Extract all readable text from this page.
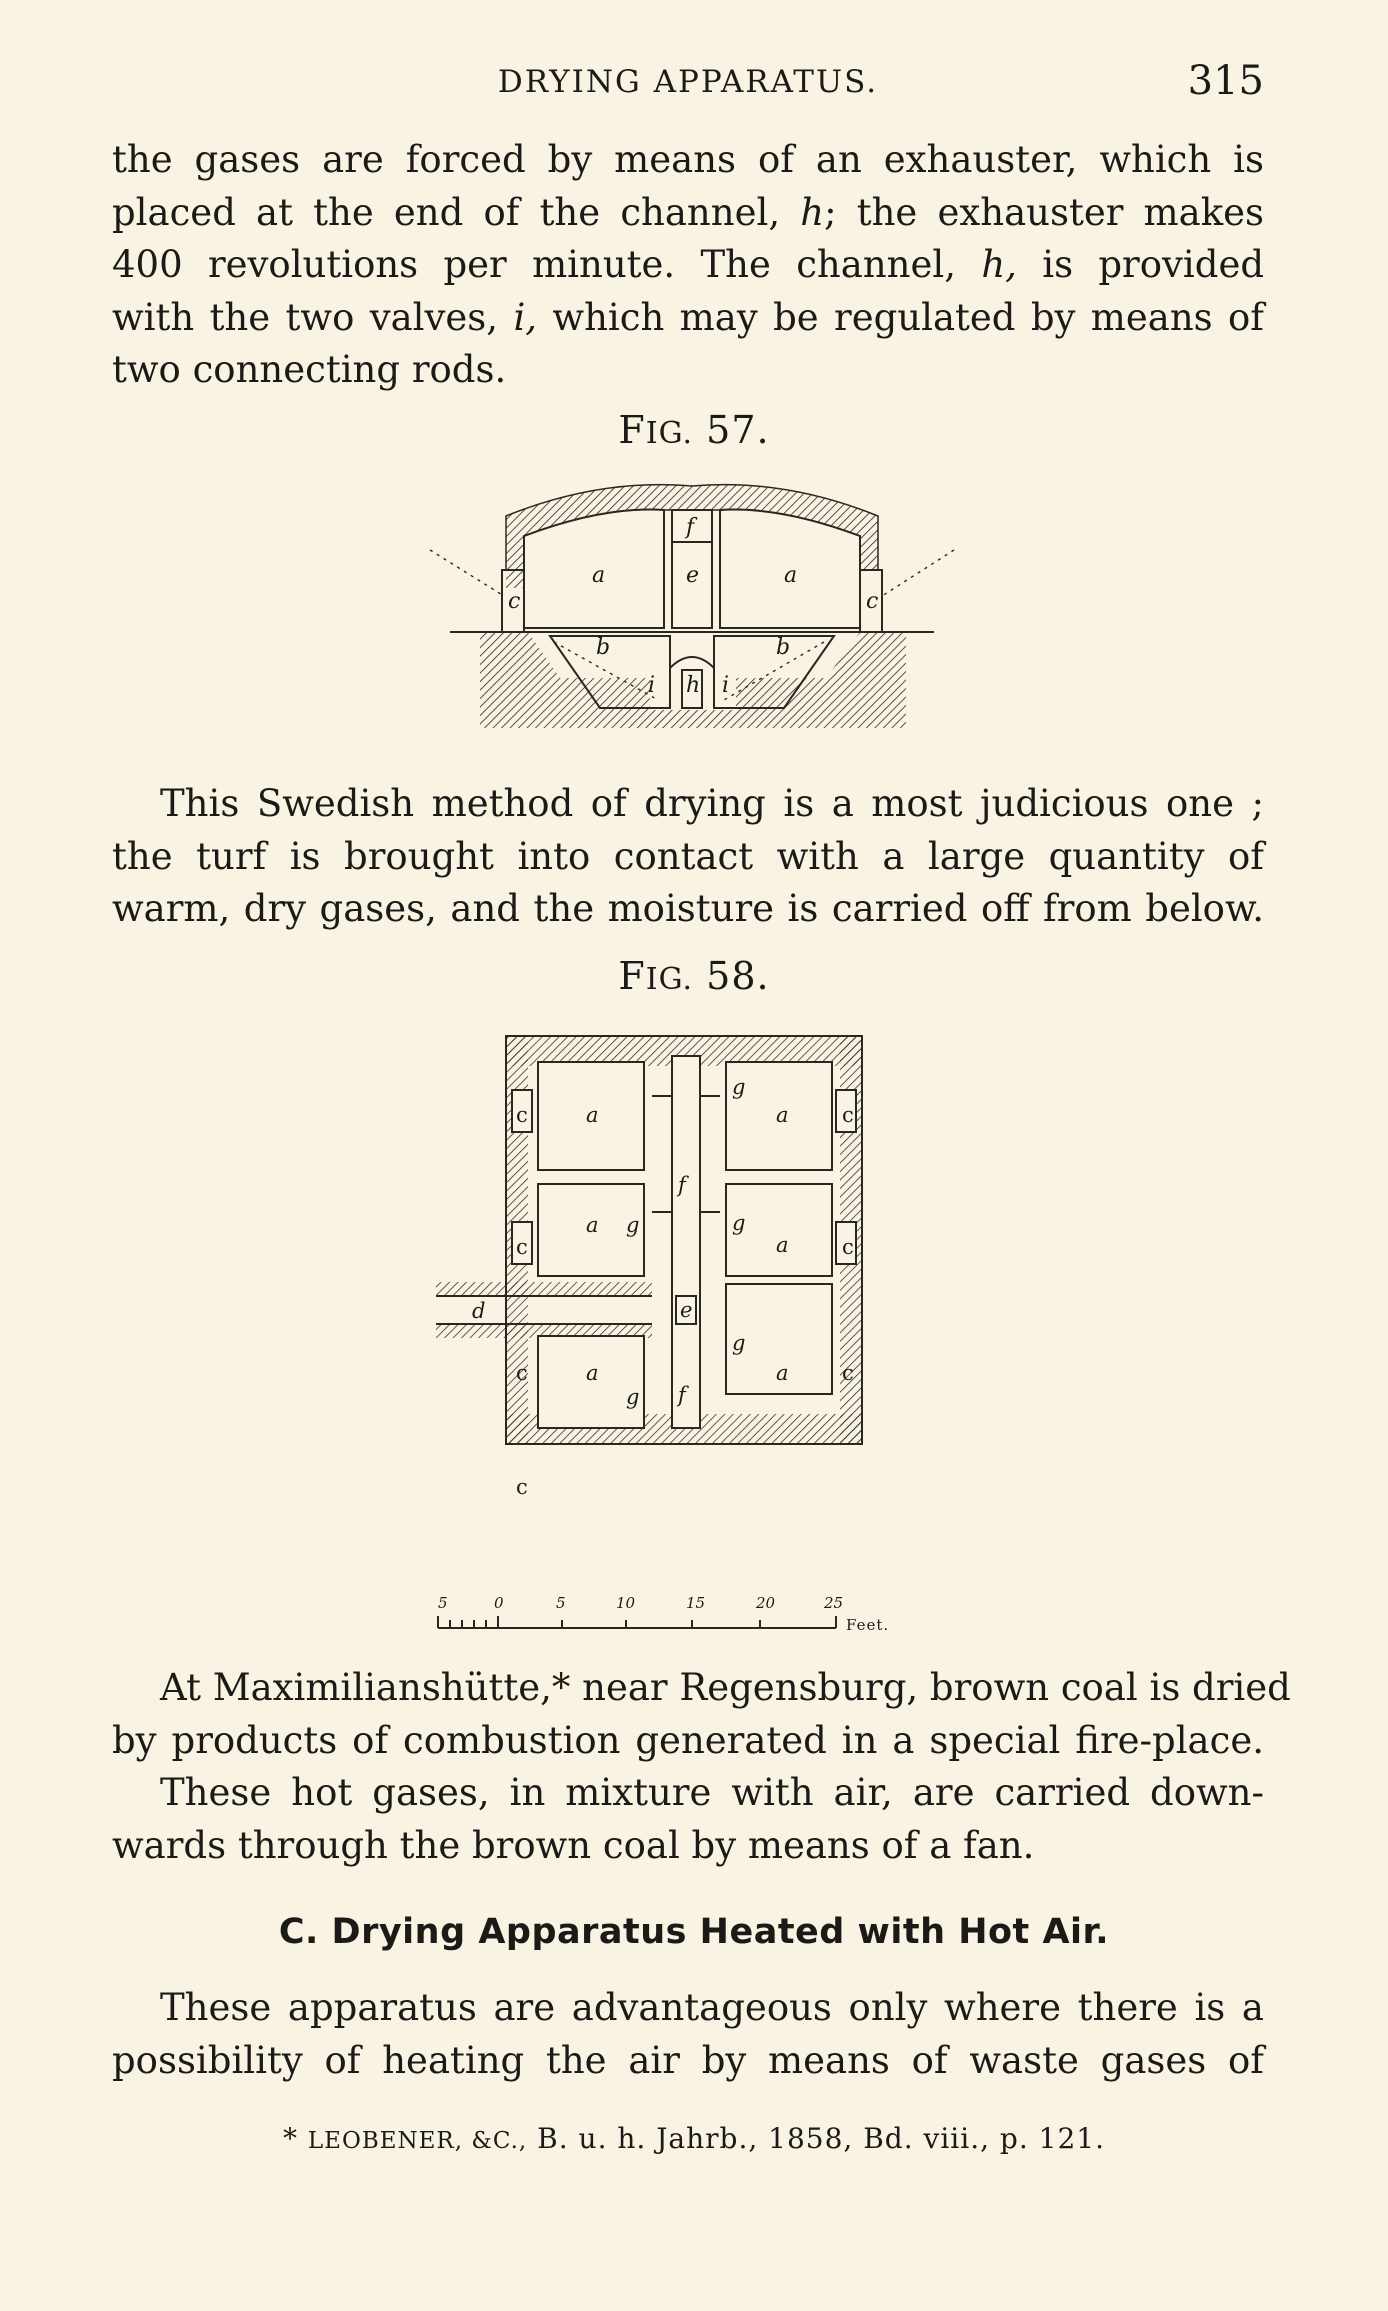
DRYING APPARATUS.	315
the gases are forced by means of an exhauster, which is
placed at the end of the channel, h; the exhauster makes
400 revolutions per minute. The channel, h, is provided
with the two valves, i, which may be regulated by means of
two connecting rods.
FIG. 57.
f
a	e	a
c	c
b	b
i h i
This Swedish method of drying is a most judicious one ;
the turf is brought into contact with a large quantity of
warm, dry gases, and the moisture is carried off from below.
FIG. 58.
c
c
c
c
c
c
c
a
a
a
a
a
a
g
g
g
g
g
f
f
e
d
5	0	5	10	15	20	25
Feet.
At Maximilianshütte,* near Regensburg, brown coal is dried
by products of combustion generated in a special fire-place.
These hot gases, in mixture with air, are carried down-
wards through the brown coal by means of a fan.
C. Drying Apparatus Heated with Hot Air.
These apparatus are advantageous only where there is a
possibility of heating the air by means of waste gases of
* LEOBENER, &C., B. u. h. Jahrb., 1858, Bd. viii., p. 121.
